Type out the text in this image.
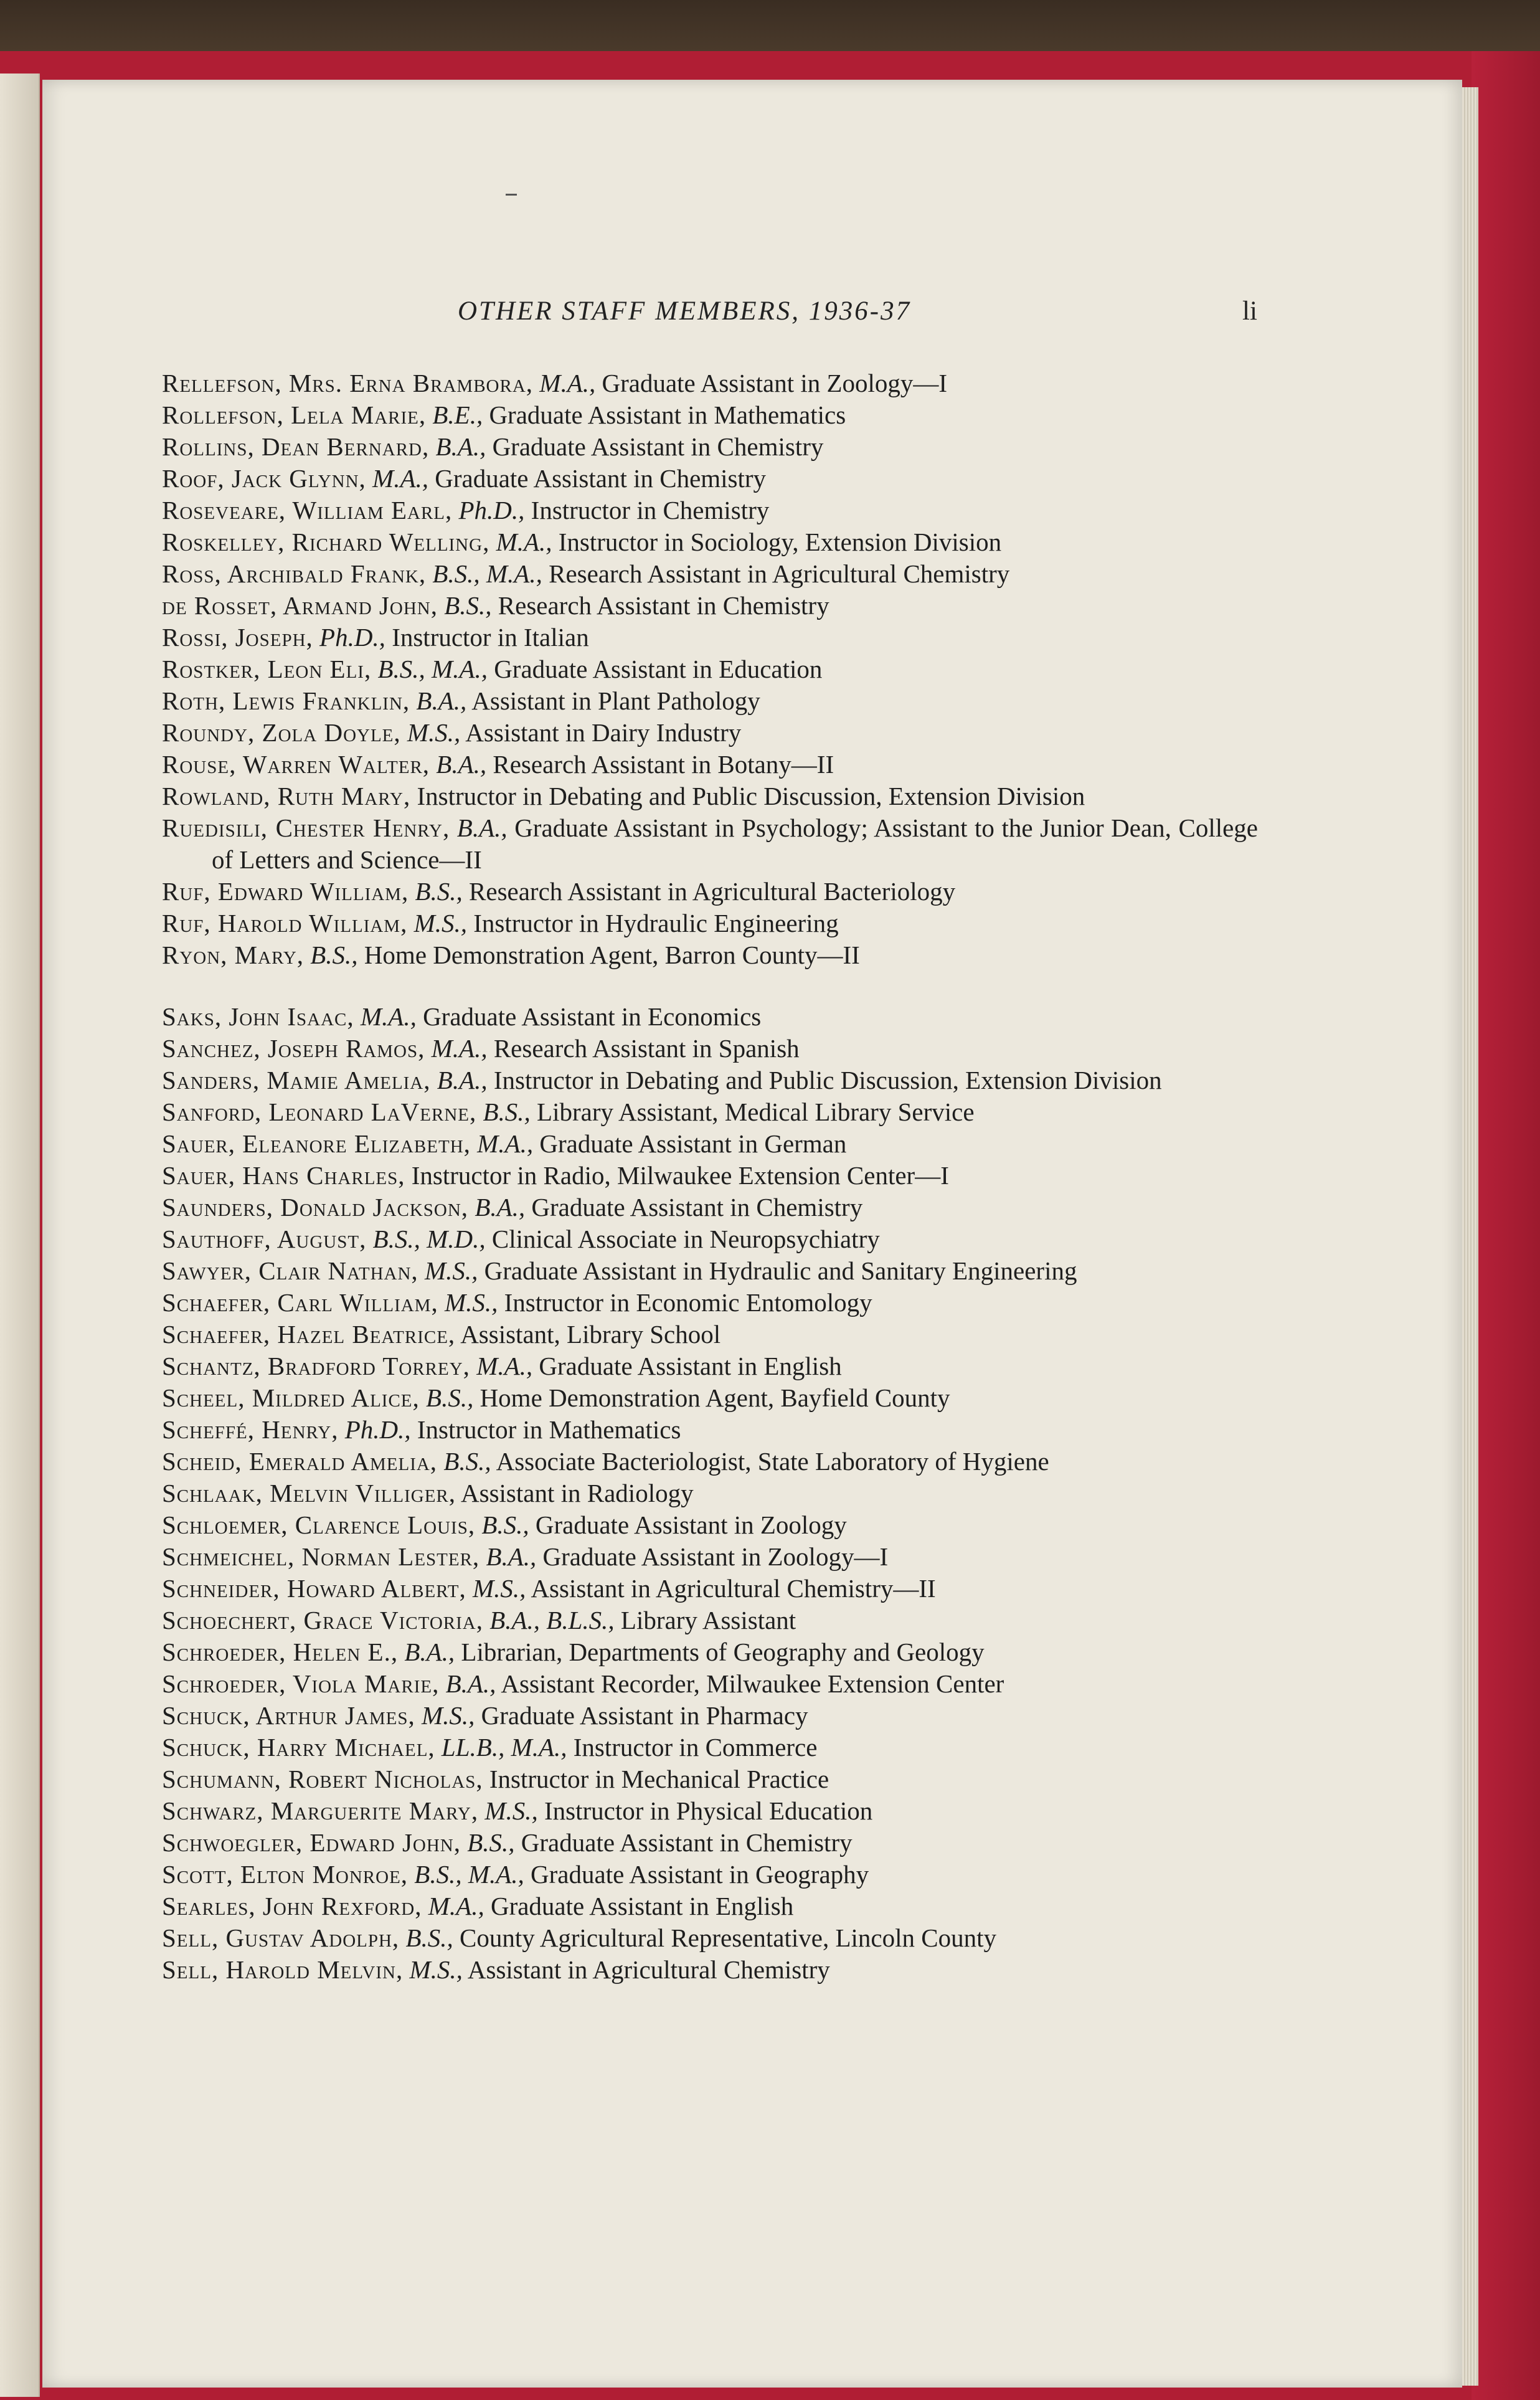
OTHER STAFF MEMBERS, 1936-37	li
Rellefson, Mrs. Erna Brambora, M.A., Graduate Assistant in Zoology—I
Rollefson, Lela Marie, B.E., Graduate Assistant in Mathematics
Rollins, Dean Bernard, B.A., Graduate Assistant in Chemistry
Roof, Jack Glynn, M.A., Graduate Assistant in Chemistry
Roseveare, William Earl, Ph.D., Instructor in Chemistry
Roskelley, Richard Welling, M.A., Instructor in Sociology, Extension Division
Ross, Archibald Frank, B.S., M.A., Research Assistant in Agricultural Chemistry
de Rosset, Armand John, B.S., Research Assistant in Chemistry
Rossi, Joseph, Ph.D., Instructor in Italian
Rostker, Leon Eli, B.S., M.A., Graduate Assistant in Education
Roth, Lewis Franklin, B.A., Assistant in Plant Pathology
Roundy, Zola Doyle, M.S., Assistant in Dairy Industry
Rouse, Warren Walter, B.A., Research Assistant in Botany—II
Rowland, Ruth Mary, Instructor in Debating and Public Discussion, Extension Division
Ruedisili, Chester Henry, B.A., Graduate Assistant in Psychology; Assistant to the Junior Dean, College of Letters and Science—II
Ruf, Edward William, B.S., Research Assistant in Agricultural Bacteriology
Ruf, Harold William, M.S., Instructor in Hydraulic Engineering
Ryon, Mary, B.S., Home Demonstration Agent, Barron County—II
Saks, John Isaac, M.A., Graduate Assistant in Economics
Sanchez, Joseph Ramos, M.A., Research Assistant in Spanish
Sanders, Mamie Amelia, B.A., Instructor in Debating and Public Discussion, Extension Division
Sanford, Leonard LaVerne, B.S., Library Assistant, Medical Library Service
Sauer, Eleanore Elizabeth, M.A., Graduate Assistant in German
Sauer, Hans Charles, Instructor in Radio, Milwaukee Extension Center—I
Saunders, Donald Jackson, B.A., Graduate Assistant in Chemistry
Sauthoff, August, B.S., M.D., Clinical Associate in Neuropsychiatry
Sawyer, Clair Nathan, M.S., Graduate Assistant in Hydraulic and Sanitary Engineering
Schaefer, Carl William, M.S., Instructor in Economic Entomology
Schaefer, Hazel Beatrice, Assistant, Library School
Schantz, Bradford Torrey, M.A., Graduate Assistant in English
Scheel, Mildred Alice, B.S., Home Demonstration Agent, Bayfield County
Scheffé, Henry, Ph.D., Instructor in Mathematics
Scheid, Emerald Amelia, B.S., Associate Bacteriologist, State Laboratory of Hygiene
Schlaak, Melvin Villiger, Assistant in Radiology
Schloemer, Clarence Louis, B.S., Graduate Assistant in Zoology
Schmeichel, Norman Lester, B.A., Graduate Assistant in Zoology—I
Schneider, Howard Albert, M.S., Assistant in Agricultural Chemistry—II
Schoechert, Grace Victoria, B.A., B.L.S., Library Assistant
Schroeder, Helen E., B.A., Librarian, Departments of Geography and Geology
Schroeder, Viola Marie, B.A., Assistant Recorder, Milwaukee Extension Center
Schuck, Arthur James, M.S., Graduate Assistant in Pharmacy
Schuck, Harry Michael, LL.B., M.A., Instructor in Commerce
Schumann, Robert Nicholas, Instructor in Mechanical Practice
Schwarz, Marguerite Mary, M.S., Instructor in Physical Education
Schwoegler, Edward John, B.S., Graduate Assistant in Chemistry
Scott, Elton Monroe, B.S., M.A., Graduate Assistant in Geography
Searles, John Rexford, M.A., Graduate Assistant in English
Sell, Gustav Adolph, B.S., County Agricultural Representative, Lincoln County
Sell, Harold Melvin, M.S., Assistant in Agricultural Chemistry
